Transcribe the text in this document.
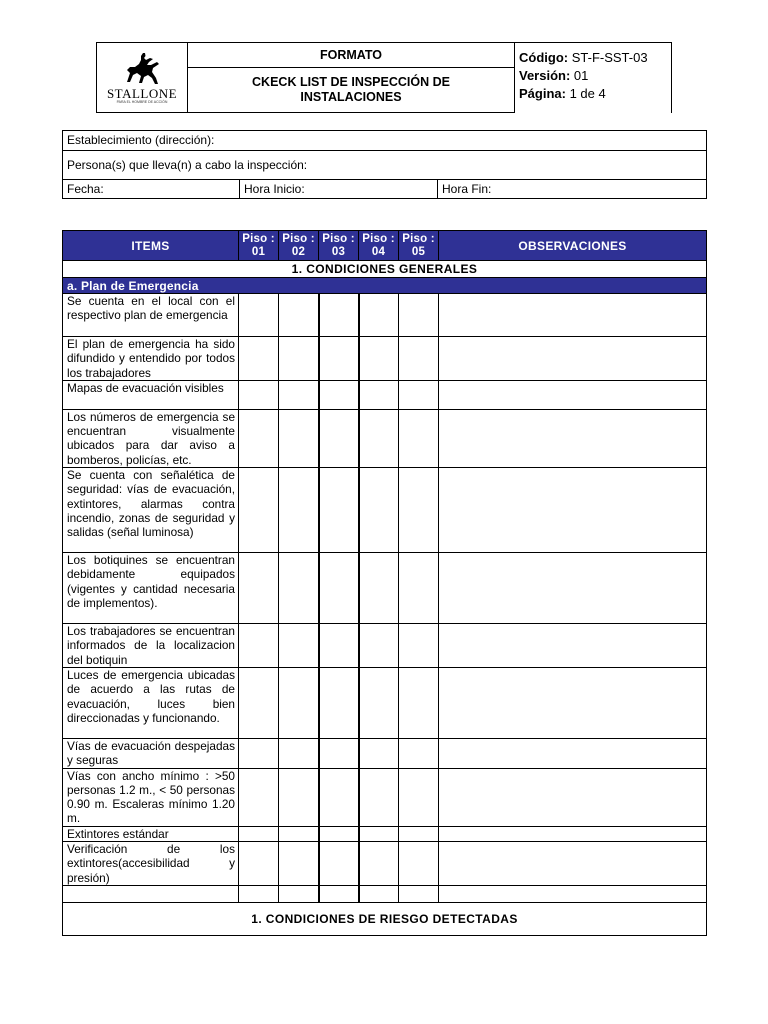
STALLONE
PARA EL HOMBRE DE ACCIÓN
	FORMATO	Código: ST-F-SST-03
Versión: 01
Página: 1 de 4

CKECK LIST DE INSPECCIÓN DE
INSTALACIONES
Establecimiento (dirección):
Persona(s) que lleva(n) a cabo la inspección:
Fecha:	Hora Inicio:	Hora Fin:
ITEMS	Piso : 01	Piso : 02	Piso : 03	Piso : 04	Piso : 05	OBSERVACIONES
1. CONDICIONES GENERALES						
a. Plan de Emergencia						
Se cuenta en el local con el respectivo plan de emergencia						
El plan de emergencia ha sido difundido y entendido por todos los trabajadores						
Mapas de evacuación visibles						
Los números de emergencia se encuentran visualmente ubicados para dar aviso a bomberos, policías, etc.						
Se cuenta con señalética de seguridad: vías de evacuación, extintores, alarmas contra incendio, zonas de seguridad y salidas (señal luminosa)						
Los botiquines se encuentran debidamente equipados (vigentes y cantidad necesaria de implementos).						
Los trabajadores se encuentran informados de la localizacion del botiquin						
Luces de emergencia ubicadas de acuerdo a las rutas de evacuación, luces bien direccionadas y funcionando.						
Vías de evacuación despejadas y seguras						
Vías con ancho mínimo : >50 personas 1.2 m., < 50 personas 0.90 m. Escaleras mínimo 1.20 m.						
Extintores estándar						
Verificación de los extintores(accesibilidad y presión)						

1. CONDICIONES DE RIESGO DETECTADAS						
